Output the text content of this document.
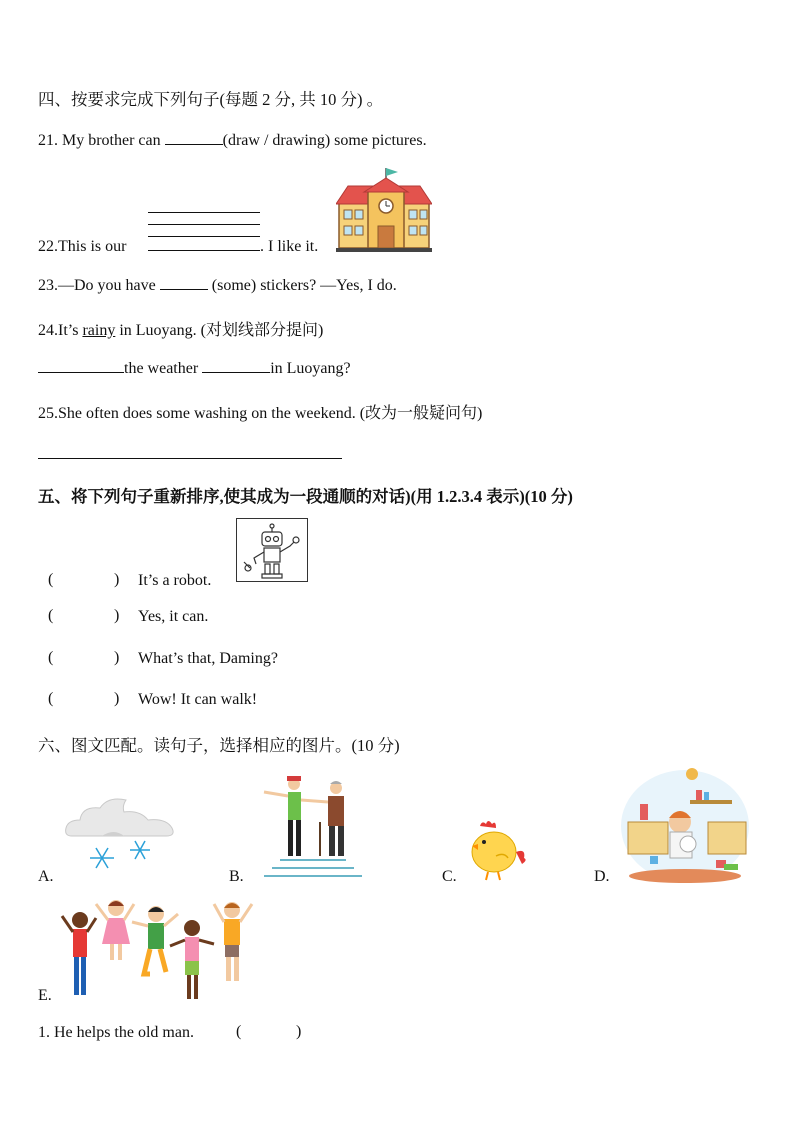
四、按要求完成下列句子(每题 2 分, 共 10 分) 。
21. My brother can	(draw / drawing) some pictures.
22.This is our	. I like it.
23.—Do you have	(some) stickers? —Yes, I do.
24.It’s rainy in Luoyang. (对划线部分提问)
the weather	in Luoyang?
25.She often does some washing on the weekend. (改为一般疑问句)
五、将下列句子重新排序,使其成为一段通顺的对话)(用 1.2.3.4 表示)(10 分)
(	) It’s a robot.
(	) Yes, it can.
(	) What’s that, Daming?
(	) Wow! It can walk!
六、图文匹配。读句子，选择相应的图片。(10 分)
A.	B.	C.	D.
E.
1. He helps the old man.	(	)
